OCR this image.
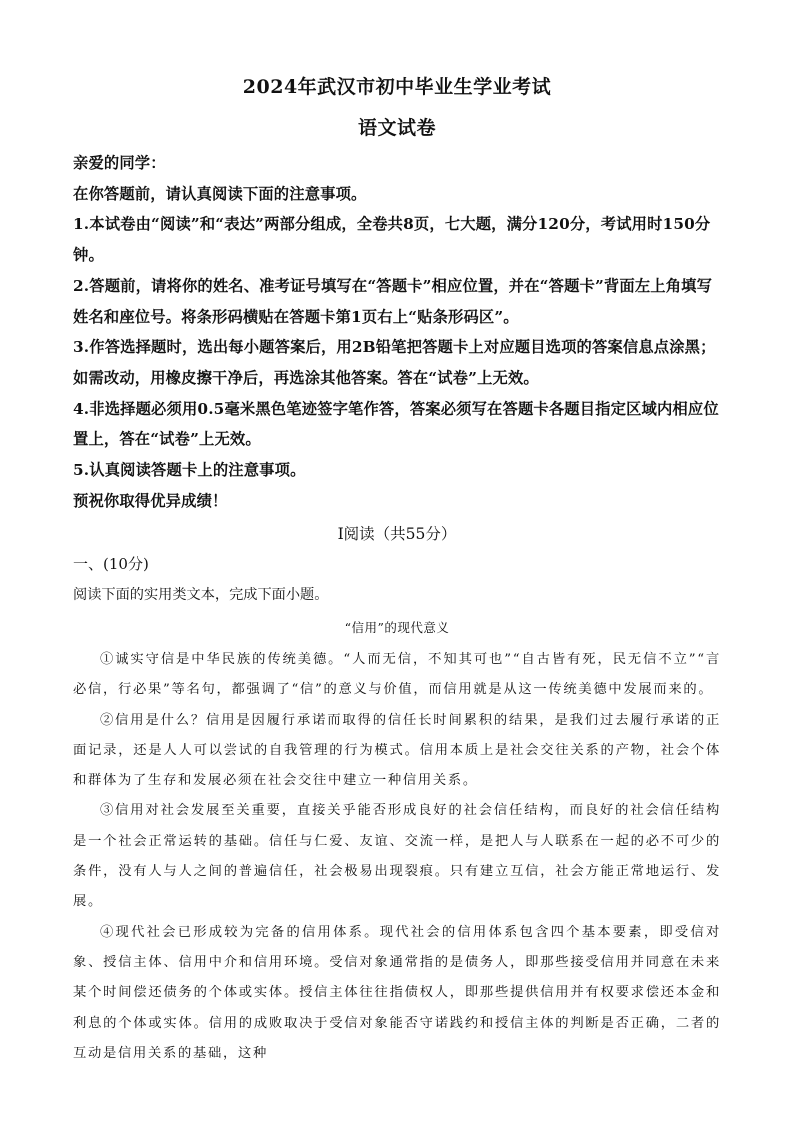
2024年武汉市初中毕业生学业考试
语文试卷

亲爱的同学：

在你答题前，请认真阅读下面的注意事项。

1.本试卷由“阅读”和“表达”两部分组成，全卷共8页，七大题，满分120分，考试用时150分钟。

2.答题前，请将你的姓名、准考证号填写在“答题卡”相应位置，并在“答题卡”背面左上角填写姓名和座位号。将条形码横贴在答题卡第1页右上“贴条形码区”。

3.作答选择题时，选出每小题答案后，用2B铅笔把答题卡上对应题目选项的答案信息点涂黑；如需改动，用橡皮擦干净后，再选涂其他答案。答在“试卷”上无效。

4.非选择题必须用0.5毫米黑色笔迹签字笔作答，答案必须写在答题卡各题目指定区域内相应位置上，答在“试卷”上无效。

5.认真阅读答题卡上的注意事项。

预祝你取得优异成绩！

Ⅰ阅读（共55分）
一、(10分)
阅读下面的实用类文本，完成下面小题。
“信用”的现代意义

①诚实守信是中华民族的传统美德。“人而无信，不知其可也”“自古皆有死，民无信不立”“言必信，行必果”等名句，都强调了“信”的意义与价值，而信用就是从这一传统美德中发展而来的。

②信用是什么？信用是因履行承诺而取得的信任长时间累积的结果，是我们过去履行承诺的正面记录，还是人人可以尝试的自我管理的行为模式。信用本质上是社会交往关系的产物，社会个体和群体为了生存和发展必须在社会交往中建立一种信用关系。

③信用对社会发展至关重要，直接关乎能否形成良好的社会信任结构，而良好的社会信任结构是一个社会正常运转的基础。信任与仁爱、友谊、交流一样，是把人与人联系在一起的必不可少的条件，没有人与人之间的普遍信任，社会极易出现裂痕。只有建立互信，社会方能正常地运行、发展。

④现代社会已形成较为完备的信用体系。现代社会的信用体系包含四个基本要素，即受信对象、授信主体、信用中介和信用环境。受信对象通常指的是债务人，即那些接受信用并同意在未来某个时间偿还债务的个体或实体。授信主体往往指债权人，即那些提供信用并有权要求偿还本金和利息的个体或实体。信用的成败取决于受信对象能否守诺践约和授信主体的判断是否正确，二者的互动是信用关系的基础，这种
